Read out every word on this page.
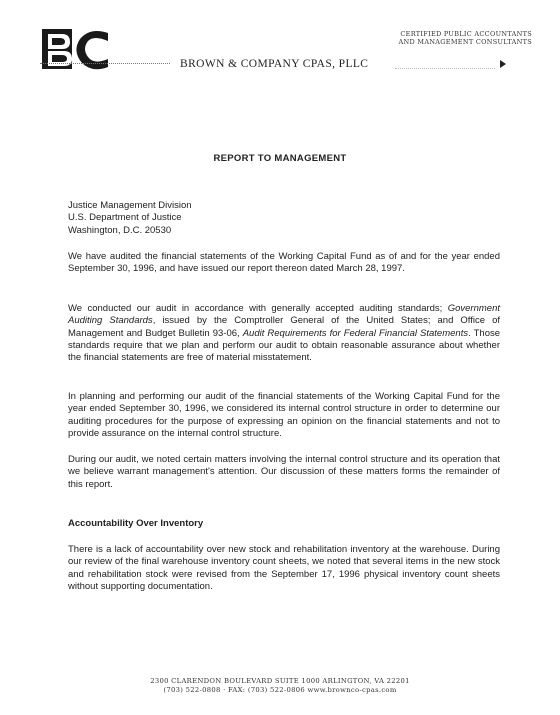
CERTIFIED PUBLIC ACCOUNTANTS
AND MANAGEMENT CONSULTANTS
BROWN & COMPANY CPAS, PLLC
REPORT TO MANAGEMENT
Justice Management Division
U.S. Department of Justice
Washington, D.C. 20530

We have audited the financial statements of the Working Capital Fund as of and for the year ended September 30, 1996, and have issued our report thereon dated March 28, 1997.

We conducted our audit in accordance with generally accepted auditing standards; Government Auditing Standards, issued by the Comptroller General of the United States; and Office of Management and Budget Bulletin 93-06, Audit Requirements for Federal Financial Statements. Those standards require that we plan and perform our audit to obtain reasonable assurance about whether the financial statements are free of material misstatement.

In planning and performing our audit of the financial statements of the Working Capital Fund for the year ended September 30, 1996, we considered its internal control structure in order to determine our auditing procedures for the purpose of expressing an opinion on the financial statements and not to provide assurance on the internal control structure.

During our audit, we noted certain matters involving the internal control structure and its operation that we believe warrant management's attention. Our discussion of these matters forms the remainder of this report.

Accountability Over Inventory

There is a lack of accountability over new stock and rehabilitation inventory at the warehouse. During our review of the final warehouse inventory count sheets, we noted that several items in the new stock and rehabilitation stock were revised from the September 17, 1996 physical inventory count sheets without supporting documentation.

2300 CLARENDON BOULEVARD SUITE 1000 ARLINGTON, VA 22201
(703) 522-0808 · FAX: (703) 522-0806 www.brownco-cpas.com
